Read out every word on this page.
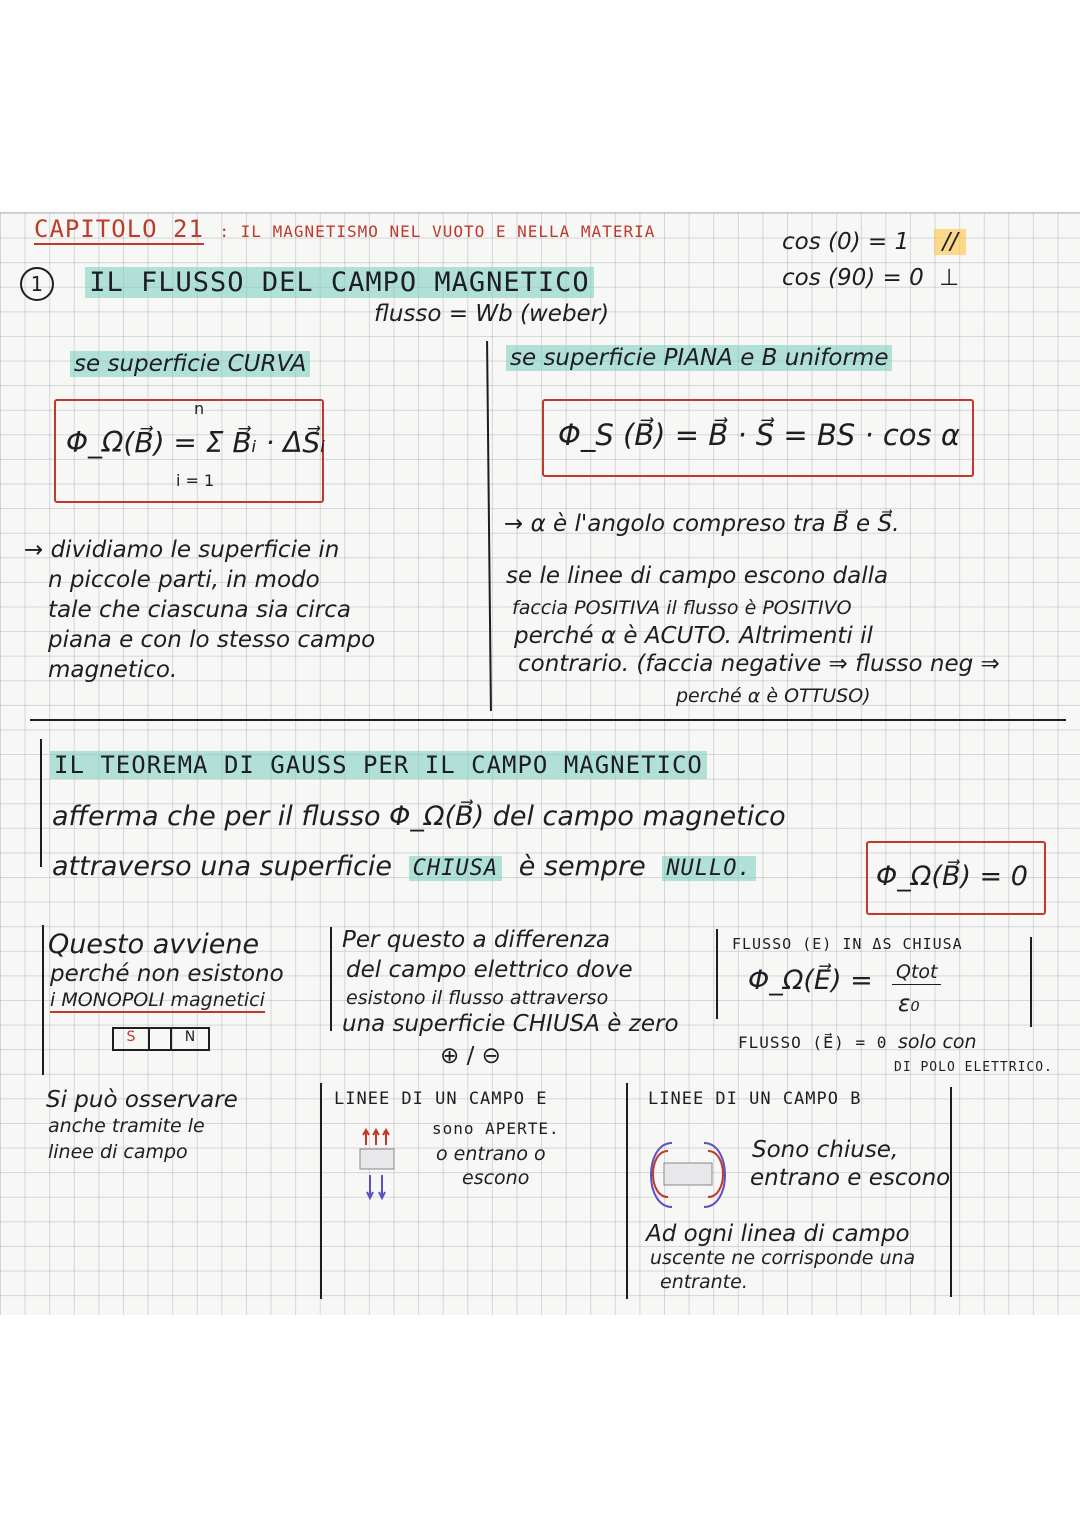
CAPITOLO 21 : IL MAGNETISMO NEL VUOTO E NELLA MATERIA	cos (0) = 1 //
cos (90) = 0 ⊥
1 IL FLUSSO DEL CAMPO MAGNETICO
flusso = Wb (weber)
se superficie CURVA
n
Φ_Ω(B⃗) = Σ B⃗ᵢ · ΔS⃗ᵢ
i = 1
→ dividiamo le superficie in
n piccole parti, in modo
tale che ciascuna sia circa
piana e con lo stesso campo
magnetico.
se superficie PIANA e B uniforme
Φ_S (B⃗) = B⃗ · S⃗ = BS · cos α
→ α è l'angolo compreso tra B⃗ e S⃗.
se le linee di campo escono dalla
faccia POSITIVA il flusso è POSITIVO
perché α è ACUTO. Altrimenti il
contrario. (faccia negative ⇒ flusso neg ⇒
perché α è OTTUSO)
IL TEOREMA DI GAUSS PER IL CAMPO MAGNETICO
afferma che per il flusso Φ_Ω(B⃗) del campo magnetico
attraverso una superficie CHIUSA è sempre NULLO.	Φ_Ω(B⃗) = 0
Questo avviene
perché non esistono
i MONOPOLI magnetici
S	N
Per questo a differenza
del campo elettrico dove
esistono il flusso attraverso
una superficie CHIUSA è zero
⊕ / ⊖
FLUSSO (E) IN ΔS CHIUSA
Φ_Ω(E⃗) = Qtot
ε₀
FLUSSO (E⃗) = 0 solo con
DI POLO ELETTRICO.
Si può osservare
anche tramite le
linee di campo
LINEE DI UN CAMPO E
sono APERTE.
o entrano o
escono
LINEE DI UN CAMPO B
Sono chiuse,
entrano e escono
Ad ogni linea di campo
uscente ne corrisponde una
entrante.
